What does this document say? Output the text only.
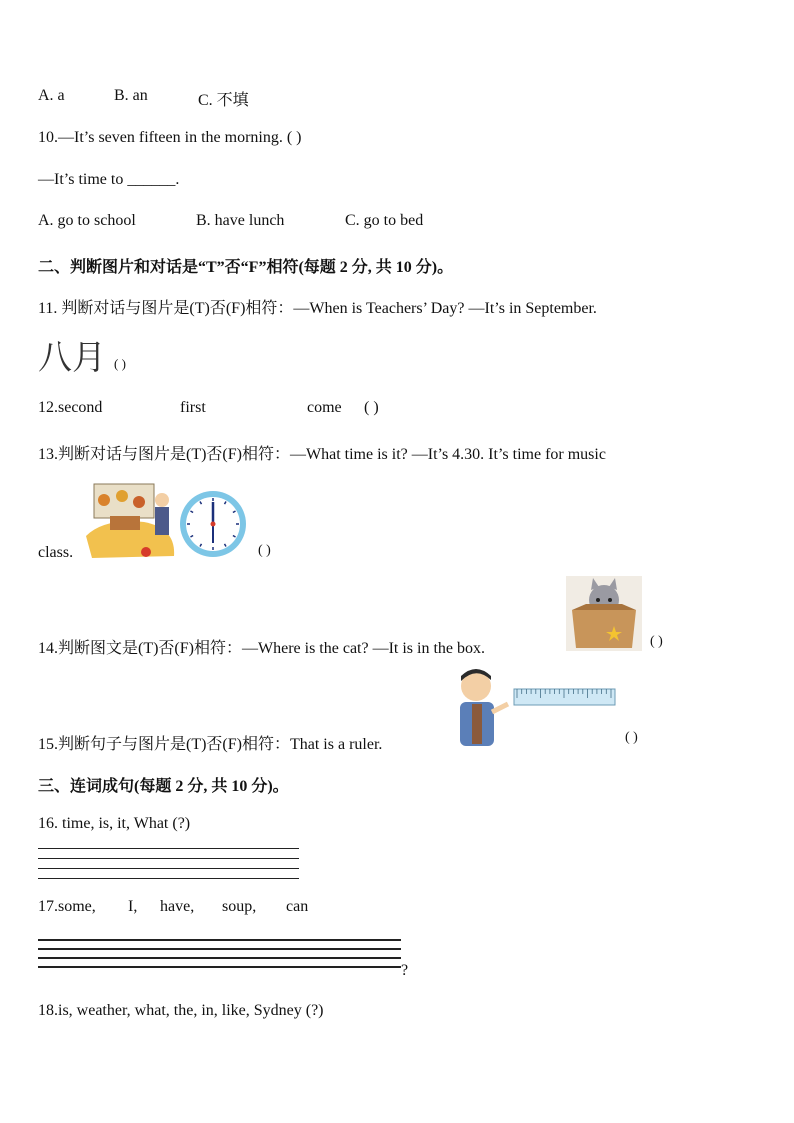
A. a	B. an	C. 不填
10.—It’s seven fifteen in the morning. ( )
—It’s time to ______.
A. go to school	B. have lunch	C. go to bed
二、判断图片和对话是“T”否“F”相符(每题 2 分, 共 10 分)。
11. 判断对话与图片是(T)否(F)相符：—When is Teachers’ Day? —It’s in September.
八月 ( )
12.second	first	come ( )
13.判断对话与图片是(T)否(F)相符：—What time is it? —It’s 4.30. It’s time for music
class.	( )
14.判断图文是(T)否(F)相符：—Where is the cat? —It is in the box.	( )
15.判断句子与图片是(T)否(F)相符：That is a ruler.	( )
三、连词成句(每题 2 分, 共 10 分)。
16. time, is, it, What (?)
17.some, I, have, soup, can
?
18.is, weather, what, the, in, like, Sydney (?)
